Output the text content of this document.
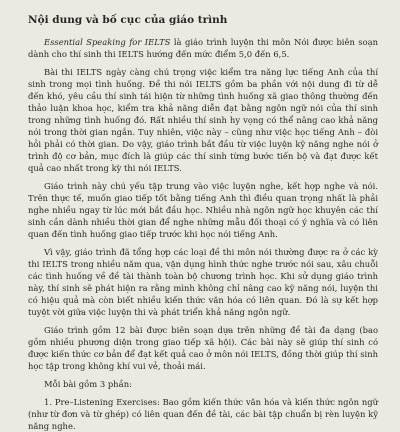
Nội dung và bố cục của giáo trình

Essential Speaking for IELTS là giáo trình luyện thi môn Nói được biên soạn dành cho thí sinh thi IELTS hướng đến mức điểm 5,0 đến 6,5.

Bài thi IELTS ngày càng chú trọng việc kiểm tra năng lực tiếng Anh của thí sinh trong mọi tình huống. Đề thi nói IELTS gồm ba phần với nội dung đi từ dễ đến khó, yêu cầu thí sinh tái hiện từ những tình huống xã giao thông thường đến thảo luận khoa học, kiểm tra khả năng diễn đạt bằng ngôn ngữ nói của thí sinh trong những tình huống đó. Rất nhiều thí sinh hy vọng có thể nâng cao khả năng nói trong thời gian ngắn. Tuy nhiên, việc này – cũng như việc học tiếng Anh – đòi hỏi phải có thời gian. Do vậy, giáo trình bắt đầu từ việc luyện kỹ năng nghe nói ở trình độ cơ bản, mục đích là giúp các thí sinh từng bước tiến bộ và đạt được kết quả cao nhất trong kỳ thi nói IELTS.

Giáo trình này chú yếu tập trung vào việc luyện nghe, kết hợp nghe và nói. Trên thực tế, muốn giao tiếp tốt bằng tiếng Anh thì điều quan trọng nhất là phải nghe nhiều ngay từ lúc mới bắt đầu học. Nhiều nhà ngôn ngữ học khuyên các thí sinh cần dành nhiều thời gian để nghe những mẫu đối thoại có ý nghĩa và có liên quan đến tình huống giao tiếp trước khi học nói tiếng Anh.

Vì vậy, giáo trình đã tổng hợp các loại đề thi môn nói thường được ra ở các kỳ thi IELTS trong nhiều năm qua, vận dụng hình thức nghe trước nói sau, xâu chuỗi các tình huống về đề tài thành toàn bộ chương trình học. Khi sử dụng giáo trình này, thí sinh sẽ phát hiện ra rằng mình không chỉ nâng cao kỹ năng nói, luyện thi có hiệu quả mà còn biết nhiều kiến thức văn hóa có liên quan. Đó là sự kết hợp tuyệt vời giữa việc luyện thi và phát triển khả năng ngôn ngữ.

Giáo trình gồm 12 bài được biên soạn dựa trên những đề tài đa dạng (bao gồm nhiều phương diện trong giao tiếp xã hội). Các bài này sẽ giúp thí sinh có được kiến thức cơ bản để đạt kết quả cao ở môn nói IELTS, đồng thời giúp thí sinh học tập trong không khí vui vẻ, thoải mái.

Mỗi bài gồm 3 phần:

1. Pre–Listening Exercises: Bao gồm kiến thức văn hóa và kiến thức ngôn ngữ (như từ đơn và từ ghép) có liên quan đến đề tài, các bài tập chuẩn bị rèn luyện kỹ năng nghe.
